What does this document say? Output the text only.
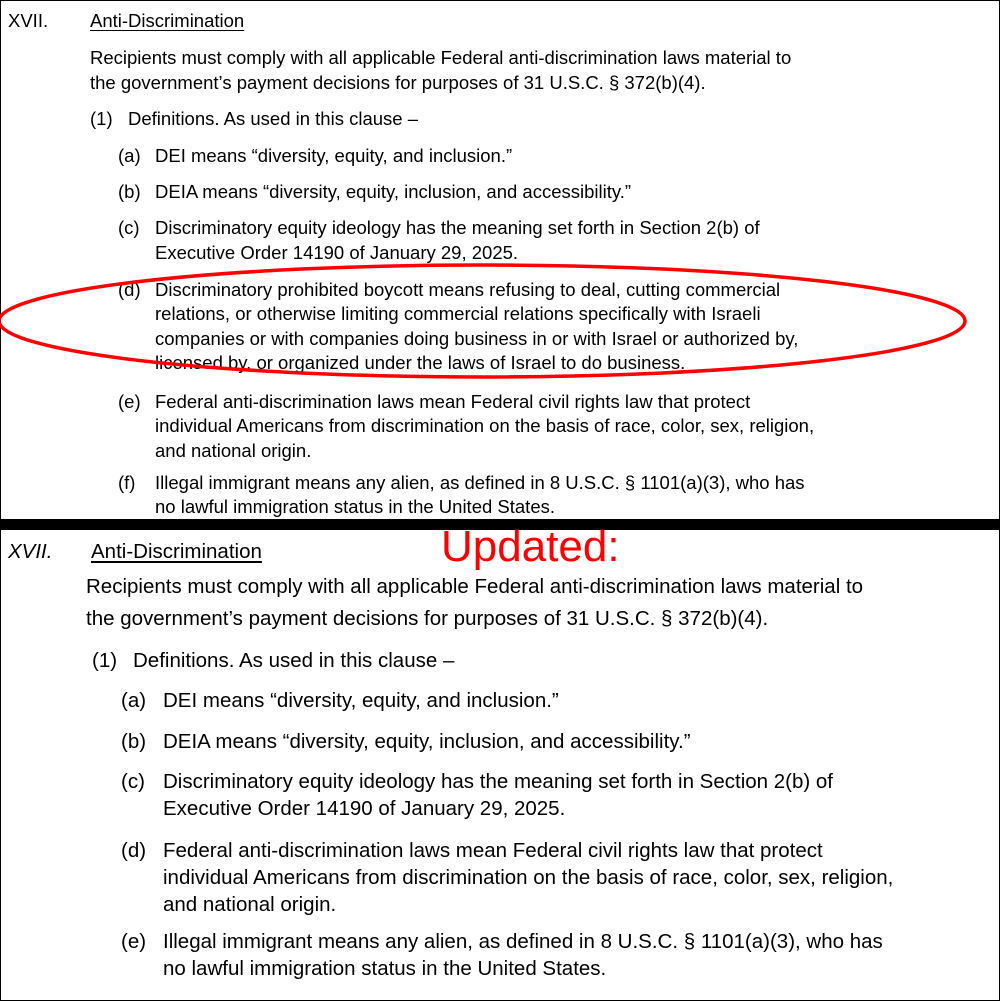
XVII. Anti-Discrimination
Recipients must comply with all applicable Federal anti-discrimination laws material to
the government’s payment decisions for purposes of 31 U.S.C. § 372(b)(4).
(1) Definitions. As used in this clause –
(a) DEI means “diversity, equity, and inclusion.”
(b) DEIA means “diversity, equity, inclusion, and accessibility.”
(c) Discriminatory equity ideology has the meaning set forth in Section 2(b) of
Executive Order 14190 of January 29, 2025.
(d) Discriminatory prohibited boycott means refusing to deal, cutting commercial
relations, or otherwise limiting commercial relations specifically with Israeli
companies or with companies doing business in or with Israel or authorized by,
licensed by, or organized under the laws of Israel to do business.
(e) Federal anti-discrimination laws mean Federal civil rights law that protect
individual Americans from discrimination on the basis of race, color, sex, religion,
and national origin.
(f) Illegal immigrant means any alien, as defined in 8 U.S.C. § 1101(a)(3), who has
no lawful immigration status in the United States.
XVII. Anti-Discrimination
Recipients must comply with all applicable Federal anti-discrimination laws material to
the government’s payment decisions for purposes of 31 U.S.C. § 372(b)(4).
(1) Definitions. As used in this clause –
(a) DEI means “diversity, equity, and inclusion.”
(b) DEIA means “diversity, equity, inclusion, and accessibility.”
(c) Discriminatory equity ideology has the meaning set forth in Section 2(b) of
Executive Order 14190 of January 29, 2025.
(d) Federal anti-discrimination laws mean Federal civil rights law that protect
individual Americans from discrimination on the basis of race, color, sex, religion,
and national origin.
(e) Illegal immigrant means any alien, as defined in 8 U.S.C. § 1101(a)(3), who has
no lawful immigration status in the United States.
Updated:
